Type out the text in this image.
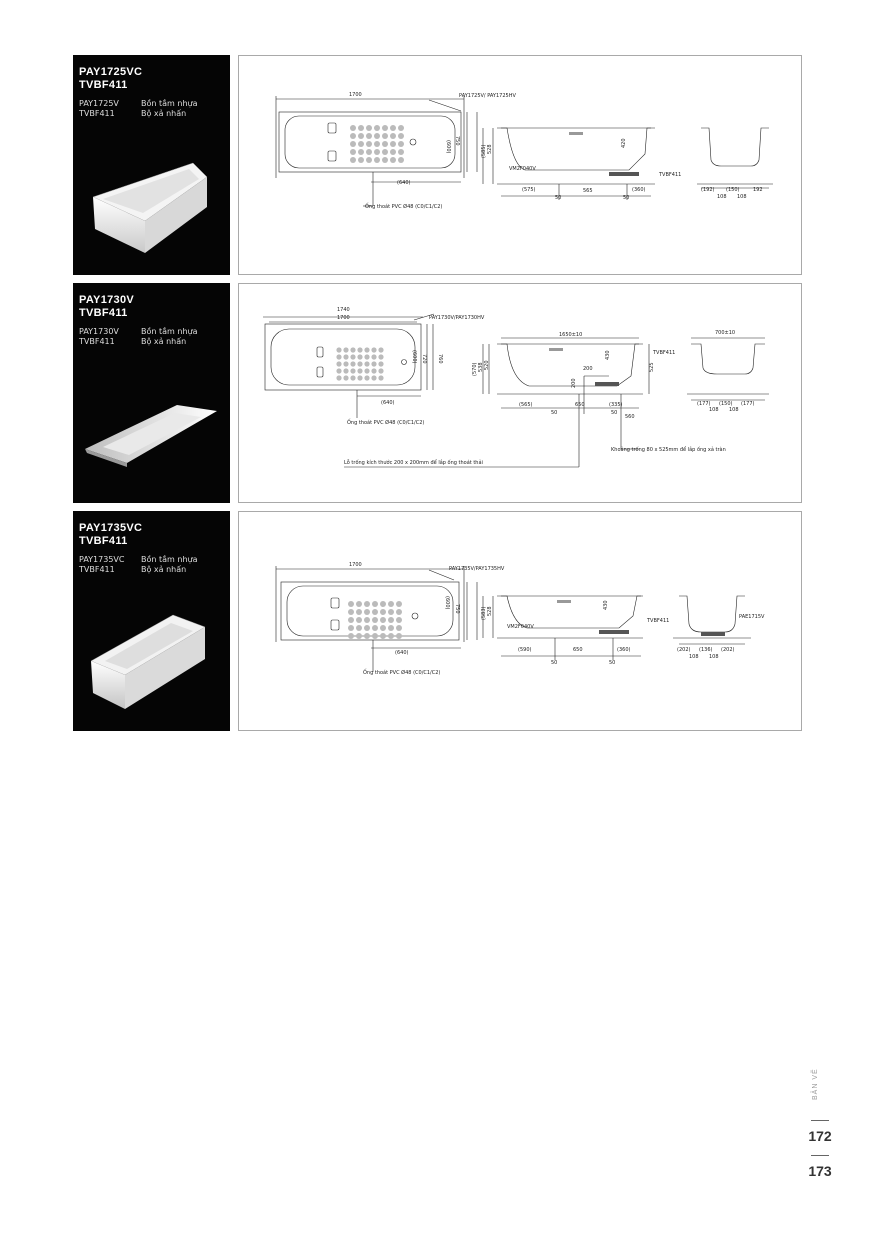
PAY1725VC
TVBF411
PAY1725V	Bồn tắm nhựa
TVBF411	Bộ xả nhấn
1700	PAY1725V/ PAY1725HV
(600) 750
(640)
Ống thoát PVC Ø48 (C0/C1/C2)
(585) 528
420
VM2F040V
TVBF411
(575)	565	(360)
50	50
(192) (150)	192
108 108
PAY1730V
TVBF411
PAY1730V	Bồn tắm nhựa
TVBF411	Bộ xả nhấn
1740
1700	PAY1730V/PAY1730HV
(600) 720 760
(640)
Ống thoát PVC Ø48 (C0/C1/C2)
Lỗ trống kích thước 200 x 200mm để lắp ống thoát thải
1650±10
(570) 538 520
430
200
200
525
TVBF411
(565)	650	(335)
50	50
560
Khoảng trống 80 x 525mm để lắp ống xả tràn
700±10
(177) (150) (177)
108 108
PAY1735VC
TVBF411
PAY1735VC Bồn tắm nhựa
TVBF411	Bộ xả nhấn	1700
PAY1735V/PAY1735HV
(600) 750
(640)
Ống thoát PVC Ø48 (C0/C1/C2)
(583) 528
430
VM2F040V
TVBF411
(590)	650	(360)
50	50
PAE1715V
(202) (136) (202)
108 108
BẢN VẼ
172
173
